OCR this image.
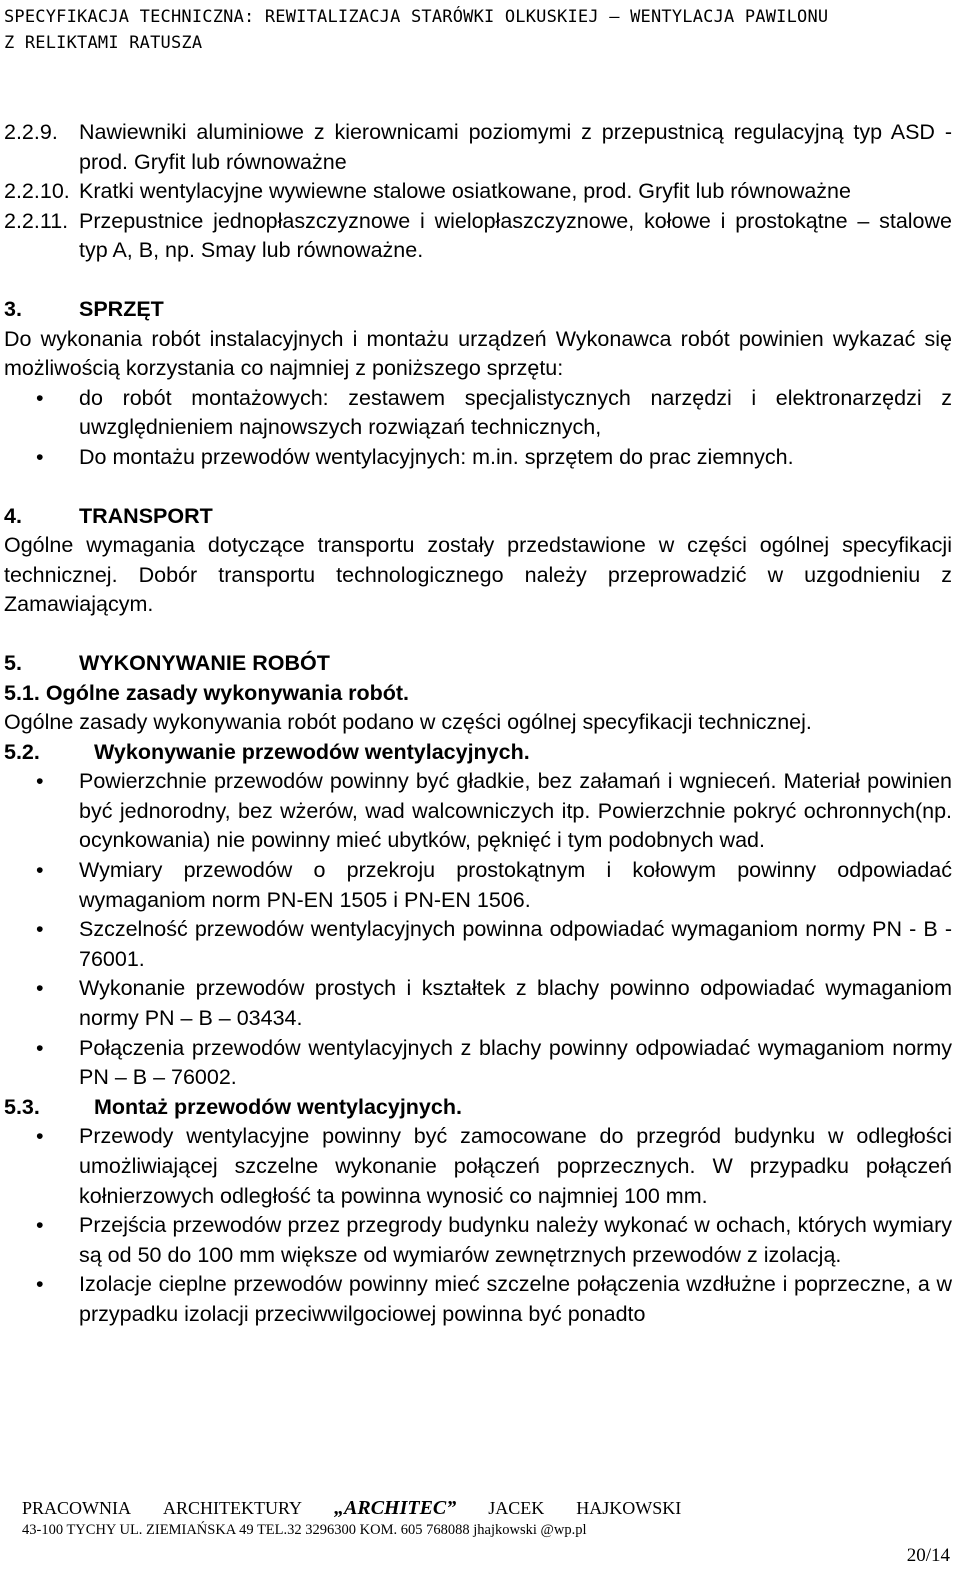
SPECYFIKACJA TECHNICZNA: REWITALIZACJA STARÓWKI OLKUSKIEJ – WENTYLACJA PAWILONU
Z RELIKTAMI RATUSZA
2.2.9. Nawiewniki aluminiowe z kierownicami poziomymi z przepustnicą regulacyjną typ ASD - prod. Gryfit lub równoważne
2.2.10. Kratki wentylacyjne wywiewne stalowe osiatkowane, prod. Gryfit lub równoważne
2.2.11. Przepustnice jednopłaszczyznowe i wielopłaszczyznowe, kołowe i prostokątne – stalowe typ A, B, np. Smay lub równoważne.
3.	SPRZĘT
Do wykonania robót instalacyjnych i montażu urządzeń Wykonawca robót powinien wykazać się możliwością korzystania co najmniej z poniższego sprzętu:
• do robót montażowych: zestawem specjalistycznych narzędzi i elektronarzędzi z uwzględnieniem najnowszych rozwiązań technicznych,
• Do montażu przewodów wentylacyjnych: m.in. sprzętem do prac ziemnych.
4.	TRANSPORT
Ogólne wymagania dotyczące transportu zostały przedstawione w części ogólnej specyfikacji technicznej. Dobór transportu technologicznego należy przeprowadzić w uzgodnieniu z Zamawiającym.
5.	WYKONYWANIE ROBÓT
5.1. Ogólne zasady wykonywania robót.
Ogólne zasady wykonywania robót podano w części ogólnej specyfikacji technicznej.
5.2.	Wykonywanie przewodów wentylacyjnych.
• Powierzchnie przewodów powinny być gładkie, bez załamań i wgnieceń. Materiał powinien być jednorodny, bez wżerów, wad walcowniczych itp. Powierzchnie pokryć ochronnych(np. ocynkowania) nie powinny mieć ubytków, pęknięć i tym podobnych wad.
• Wymiary przewodów o przekroju prostokątnym i kołowym powinny odpowiadać wymaganiom norm PN-EN 1505 i PN-EN 1506.
• Szczelność przewodów wentylacyjnych powinna odpowiadać wymaganiom normy PN - B - 76001.
• Wykonanie przewodów prostych i kształtek z blachy powinno odpowiadać wymaganiom normy PN – B – 03434.
• Połączenia przewodów wentylacyjnych z blachy powinny odpowiadać wymaganiom normy PN – B – 76002.
5.3.	Montaż przewodów wentylacyjnych.
• Przewody wentylacyjne powinny być zamocowane do przegród budynku w odległości umożliwiającej szczelne wykonanie połączeń poprzecznych. W przypadku połączeń kołnierzowych odległość ta powinna wynosić co najmniej 100 mm.
• Przejścia przewodów przez przegrody budynku należy wykonać w ochach, których wymiary są od 50 do 100 mm większe od wymiarów zewnętrznych przewodów z izolacją.
• Izolacje cieplne przewodów powinny mieć szczelne połączenia wzdłużne i poprzeczne, a w przypadku izolacji przeciwwilgociowej powinna być ponadto
PRACOWNIA ARCHITEKTURY „ARCHITEC” JACEK HAJKOWSKI
43-100 TYCHY UL. ZIEMIAŃSKA 49 TEL.32 3296300 KOM. 605 768088 jhajkowski @wp.pl
20/14
